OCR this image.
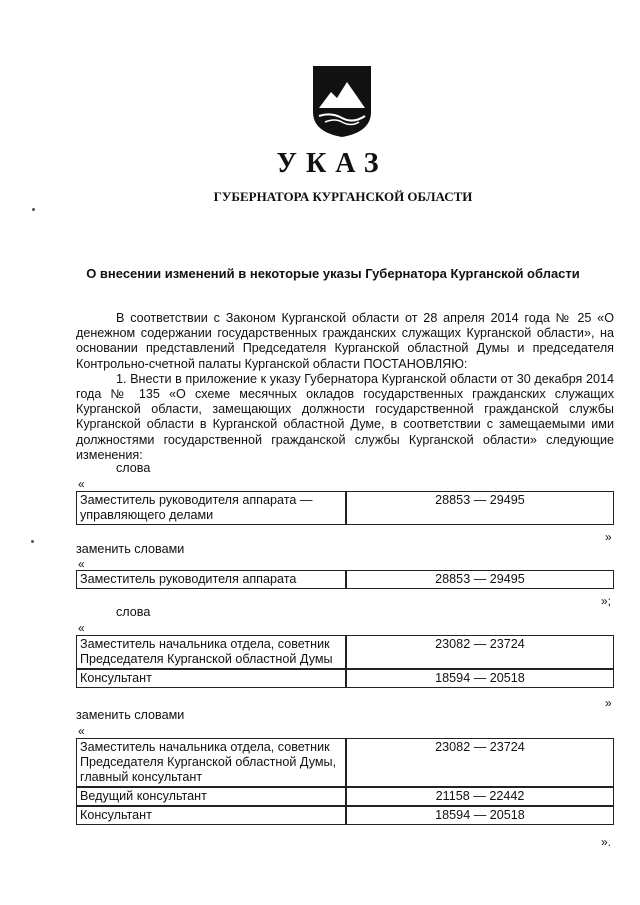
УКАЗ
ГУБЕРНАТОРА КУРГАНСКОЙ ОБЛАСТИ
О внесении изменений в некоторые указы Губернатора Курганской области

В соответствии с Законом Курганской области от 28 апреля 2014 года № 25 «О денежном содержании государственных гражданских служащих Курганской области», на основании представлений Председателя Курганской областной Думы и председателя Контрольно-счетной палаты Курганской области ПОСТАНОВЛЯЮ:

1. Внести в приложение к указу Губернатора Курганской области от 30 декабря 2014 года № 135 «О схеме месячных окладов государственных гражданских служащих Курганской области, замещающих должности государственной гражданской службы Курганской области в Курганской областной Думе, в соответствии с замещаемыми ими должностями государственной гражданской службы Курганской области» следующие изменения:

слова
«
Заместитель руководителя аппарата — управляющего делами	28853 — 29495
»
заменить словами
«
Заместитель руководителя аппарата	28853 — 29495
»;
слова
«
Заместитель начальника отдела, советник Председателя Курганской областной Думы	23082 — 23724
Консультант	18594 — 20518
»
заменить словами
«
Заместитель начальника отдела, советник Председателя Курганской областной Думы, главный консультант	23082 — 23724
Ведущий консультант	21158 — 22442
Консультант	18594 — 20518
».
